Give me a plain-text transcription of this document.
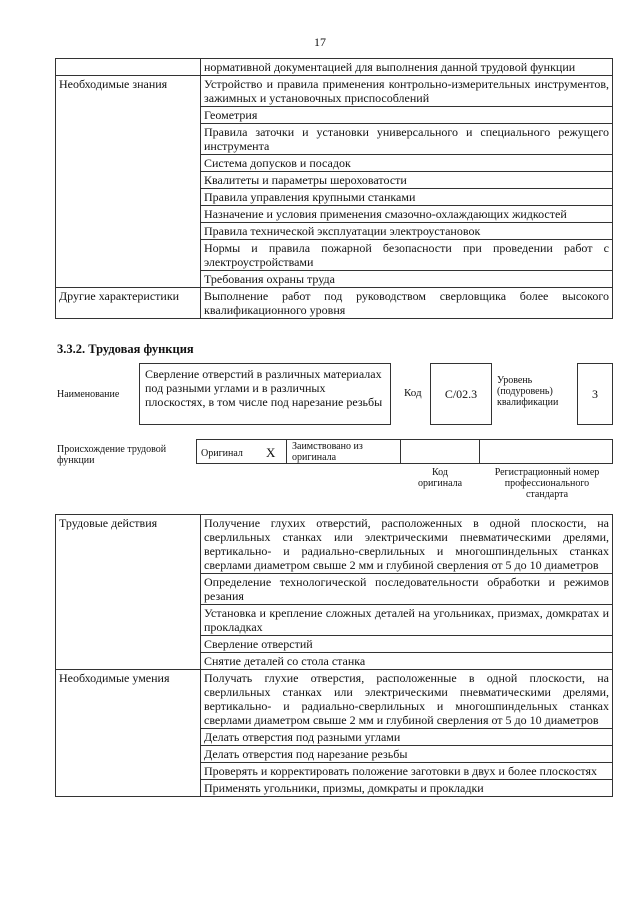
17
	нормативной документацией для выполнения данной трудовой функции
Необходимые знания	Устройство и правила применения контрольно-измерительных инструментов, зажимных и установочных приспособлений
	Геометрия
	Правила заточки и установки универсального и специального режущего инструмента
	Система допусков и посадок
	Квалитеты и параметры шероховатости
	Правила управления крупными станками
	Назначение и условия применения смазочно-охлаждающих жидкостей
	Правила технической эксплуатации электроустановок
	Нормы и правила пожарной безопасности при проведении работ с электроустройствами
	Требования охраны труда
Другие характеристики	Выполнение работ под руководством сверловщика более высокого квалификационного уровня
3.3.2. Трудовая функция
Наименование
Сверление отверстий в различных материалах под разными углами и в различных плоскостях, в том числе под нарезание резьбы
Код	C/02.3
Уровень (подуровень) квалификации
3
Происхождение трудовой функции
Оригинал X Заимствовано из оригинала
Код оригинала
Регистрационный номер профессионального стандарта
Трудовые действия	Получение глухих отверстий, расположенных в одной плоскости, на сверлильных станках или электрическими пневматическими дрелями, вертикально- и радиально-сверлильных и многошпиндельных станках сверлами диаметром свыше 2 мм и глубиной сверления от 5 до 10 диаметров
	Определение технологической последовательности обработки и режимов резания
	Установка и крепление сложных деталей на угольниках, призмах, домкратах и прокладках
	Сверление отверстий
	Снятие деталей со стола станка
Необходимые умения	Получать глухие отверстия, расположенные в одной плоскости, на сверлильных станках или электрическими пневматическими дрелями, вертикально- и радиально-сверлильных и многошпиндельных станках сверлами диаметром свыше 2 мм и глубиной сверления от 5 до 10 диаметров
	Делать отверстия под разными углами
	Делать отверстия под нарезание резьбы
	Проверять и корректировать положение заготовки в двух и более плоскостях
	Применять угольники, призмы, домкраты и прокладки
